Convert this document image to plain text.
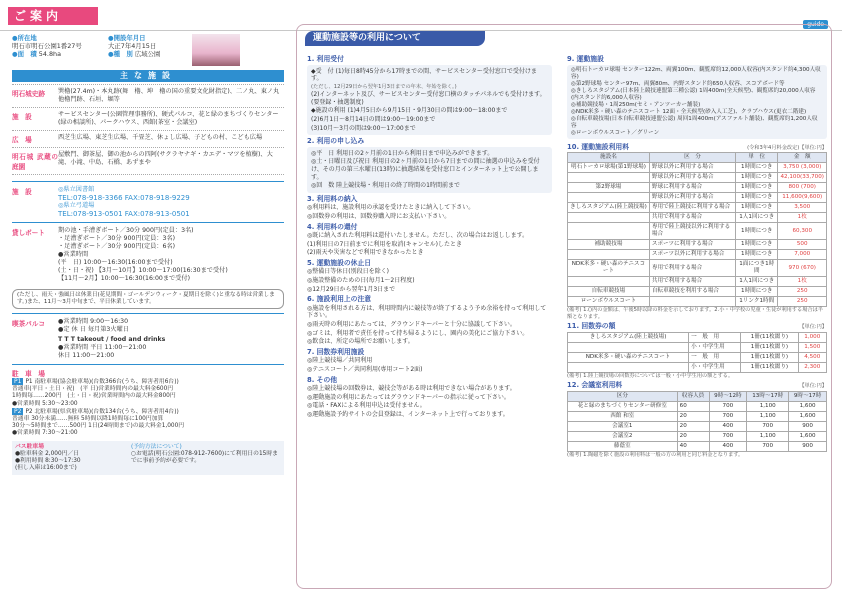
ご案内
guide
●所在地
明石市明石公園1番27号
●面　積 54.8ha
●開設年月日
大正7年4月15日
●種　別 広域公園
主な施設
明石城史跡	巽櫓(27.4m)・本丸跡(舞　櫓、坤　櫓の国の重要文化財指定)、二ノ丸、東ノ丸他櫓門跡、石垣、堀等
施　設	サービスセンター(公園管理事務所)、硬式パルコ、花と緑のまちづくりセンター(緑の相談所)、パークハウス、西館(茶室・会議室)
広　場	西芝生広場、東芝生広場、千畳芝、休ょし広場、子どもの村、こども広場
明石城 武蔵の庭園
屋敷門、御茶屋、御の池からの四阿(サクラヤナギ・カエデ・マツを植樹)、大滝、小滝、中島、石橋、あずまや
施　設	◎県立図書館
TEL:078-918-3366 FAX:078-918-9229
◎県立弓道場
TEL:078-913-0501 FAX:078-913-0501
貸しボート	期の池・手漕ぎボート／30分 900円(定員：3名)
・足漕ぎボート／30分 900円(定員：3名)
・足漕ぎボート／30分 900円(定員：6名)
●営業時間
(平　日) 10:00〜16:30(16:00まで受付)
(土・日・祝) 【3月〜10月】10:00〜17:00(16:30まで受付)
【11月〜2月】10:00〜16:30(16:00まで受付)
(ただし、雨天・強風日は休業日(花見期間・ゴールデンウィーク・夏期日を除く)と重なる時は営業します。)また、11月〜3月中旬まで、平日休業しています。
喫茶パルコ	●営業時間 9:00〜16:30
●定 休 日 毎月第3火曜日
T T T takeout / food and drinks
●営業時間 平日 11:00〜21:00
休日 11:00〜21:00
駐　車　場
P1 P1 南駐車場(協会駐車場)(台数366台(うち、障害者用6台))
普通車(平日・土日・祝)　(平 日)営業時間内の最大料金600円
1時間毎……200円　(土・日・祝)営業時間内の最大料金800円
●営業時間 5:30〜23:00
P2 P2 北駐車場(県営駐車場)(台数134台(うち、障害者用4台))
普通車 30分未満……無料 5時間以降1時間毎に100円加算
30分〜5時間まで……500円 1日(24時間まで)の最大料金1,000円
●営業時間 7:30〜21:00
バス駐車場
●駐車料金 2,000円／日
●利用時間 8:30〜17:30
(但し入庫は16:00まで)
(予約方法について)
○お電話(明石公園:078-912-7600)にて利用日の15時までに事前予約が必要です。
運動施設等の利用について
1. 利用受付
◆受　付 (1)毎日8時45分から17時までの間、サービスセンター受付窓口で受付けます。
(ただし、12月29日から翌年1月3日までの年末、年始を除く。)
(2)インターネット及び、サービスセンター受付窓口横のタッチパネルでも受付けます。(要登録・抽選制度)
◆施設の利用 (1)4月5日から9月15日・9月30日の間は9:00〜18:00まで
(2)6月1日〜8月14日の間は9:00〜19:00まで
(3)10月〜3月の間は9:00〜17:00まで
2. 利用の申し込み
◎平　日 利用日の2ヶ月前の1日から利用日まで申込みができます。
◎土・日曜日及び祝日 利用日の2ヶ月前の1日から7日までの間に抽選の申込みを受付け、その月の第三水曜日(13時)に抽選結果を受付窓口とインターネット上で公開します。
◎回　数 陸上競技場・利用日の終了時間の1時間前まで
3. 利用料の納入
◎利用料は、施設利用の承認を受けたときに納入して下さい。
◎回数券の利用は、回数券購入時にお支払い下さい。
4. 利用料の還付
◎既に納入された利用料は還付いたしません。ただし、次の場合はお返しします。
(1)利用日の7日前までに利用を取消(キャンセル)したとき
(2)雨天や災害などで利用できなかったとき
5. 運動施設の休止日
◎整備日等休日(別段日を除く)
◎施設整備のための日(毎月1〜2日程度)
◎12月29日から翌年1月3日まで
6. 施設利用上の注意
◎施設を利用される方は、利用時間内に競技等が終了するよう予め余裕を持って利用して下さい。
◎雨天時の利用にあたっては、グラウンドキーパーと十分に協議して下さい。
◎ゴミは、利用者で責任を持って持ち帰るようにし、園内の美化にご協力下さい。
◎飲食は、所定の場所でお願いします。
7. 回数券利用施設
◎陸上競技場／共同利用
◎テニスコート／共同利用(専用コート2面)
8. その他
◎陸上競技場の回数券は、競技会等がある時は利用できない場合があります。
◎運動施設の利用にあたってはグラウンドキーパーの指示に従って下さい。
◎電話・FAXによる利用申込は受付ません。
◎運動施設予約サイトの会員登録は、インターネット上で行っております。
9. 運動施設
◎明石トーカロ球場 センター122m、両翼100m、観覧席約12,000人収容(内スタンド約4,300人収容)
◎第2野球場 センター97m、両翼80m、内野スタンド約650人収容、スコアボード等
◎きしろスタジアム(日本陸上競技連盟第三種公認) 1周400m(全天候型)、観覧席約20,000人収容(内スタンド約6,000人収容)
◎補助競技場・1周250m(セミ・アンツーカー舗装)
◎NDK米多・硬い森のテニスコート 12面・全天候型(砂入人工芝)、クラブハウス(更衣二階建)
◎自転車競技場(日本自転車競技連盟公認) 周回1周400m(アスファルト舗装)、観覧席約1,200人収容
◎ローンボウルスコート／グリーン
10. 運動施設利用料	(令和3年4月料金改定)【単位:円】
施設名	区　分	単　位	金　額
明石トーカロ球場(第1野球場)	野球以外に利用する場合	1時間につき	3,750 (3,000)
	野球以外に利用する場合	1時間につき	42,100(33,700)
第2野球場	野球に利用する場合	1時間につき	800 (700)
	野球以外に利用する場合	1時間につき	11,600(9,600)
きしろスタジアム(陸上競技場)	専用で陸上競技に利用する場合	1時間につき	3,500
	共用で利用する場合	1人1回につき	1枚
	専用で陸上競技以外に利用する場合	1時間につき	60,300
補助競技場	スポーツに利用する場合	1時間につき	500
	スポーツ以外に利用する場合	1時間につき	7,000
NDK米多・硬い森のテニスコート	専用で利用する場合	1面につき1時間	970 (670)
	共用で利用する場合	1人1回につき	1枚
自転車競技場	自転車競技を利用する場合	1時間につき	250
ローンボウルスコート		1リンク1時間	250
(備考) 1.()内の金額は、午後5時以降の料金を示しております。2.小・中学校の児童・生徒が利用する場合は半額となります。
11. 回数券の額	【単位:円】
きしろスタジアム(陸上競技場)	一　般　用	1冊(11枚綴り)	1,000
	小・中学生用	1冊(11枚綴り)	1,500
NDK米多・硬い森のテニスコート	一　般　用	1冊(11枚綴り)	4,500
	小・中学生用	1冊(11枚綴り)	2,300
(備考) 1.陸上競技場の回数券については一般・小中学生用の額とする。
12. 会議室利用料	【単位:円】
区分	収容人員	9時〜12時	13時〜17時	9時〜17時
花と緑のまちづくりセンター研修室	60	700	1,100	1,600
西館 和室	20	700	1,100	1,600
会議室1	20	400	700	900
会議室2	20	700	1,100	1,600
藤蔭室	40	400	700	900
(備考) 1.陶磁を除く施設の利用料は一般の方の利用と同じ料金となります。
